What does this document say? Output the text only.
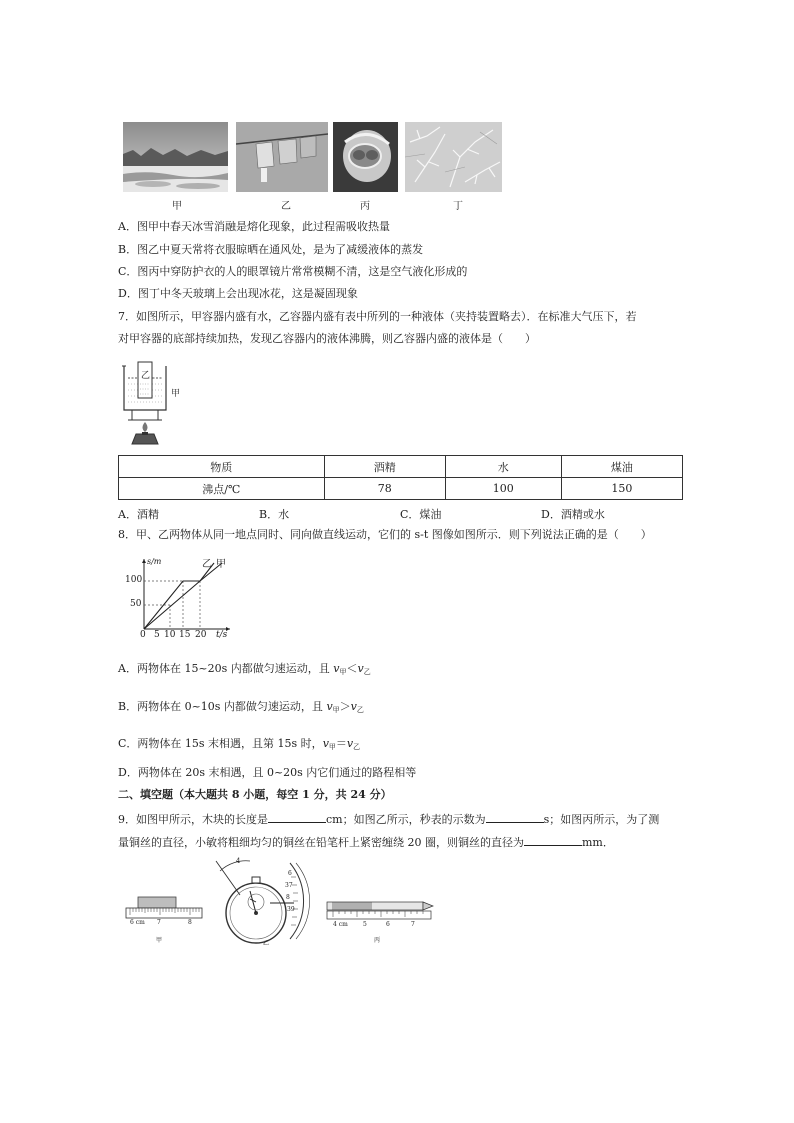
甲	乙	丙	丁
A．图甲中春天冰雪消融是熔化现象，此过程需吸收热量
B．图乙中夏天常将衣服晾晒在通风处，是为了减缓液体的蒸发
C．图丙中穿防护衣的人的眼罩镜片常常模糊不清，这是空气液化形成的
D．图丁中冬天玻璃上会出现冰花，这是凝固现象
7．如图所示，甲容器内盛有水，乙容器内盛有表中所列的一种液体（夹持装置略去）．在标准大气压下，若
对甲容器的底部持续加热，发现乙容器内的液体沸腾，则乙容器内盛的液体是（　　）
乙
甲
物质	酒精	水	煤油
沸点/℃	78	100	150
A．酒精	B．水	C．煤油	D．酒精或水
8．甲、乙两物体从同一地点同时、同向做直线运动，它们的 s-t 图像如图所示．则下列说法正确的是（　　）
s/m	乙 甲
100
50
0 5 10 15 20 t/s
A．两物体在 15~20s 内都做匀速运动，且 $v_甲<v_乙$
B．两物体在 0~10s 内都做匀速运动，且 $v_甲>v_乙$
C．两物体在 15s 末相遇，且第 15s 时，$v_甲=v_乙$
D．两物体在 20s 末相遇，且 0~20s 内它们通过的路程相等
二、填空题（本大题共 8 小题，每空 1 分，共 24 分）
9．如图甲所示，木块的长度是	cm；如图乙所示，秒表的示数为	s；如图丙所示，为了测
量铜丝的直径，小敏将粗细均匀的铜丝在铅笔杆上紧密缠绕 20 圈，则铜丝的直径为	mm．
6 cm 7	8
甲
4
6
37
8
39
乙
4 cm	5	6	7
丙
